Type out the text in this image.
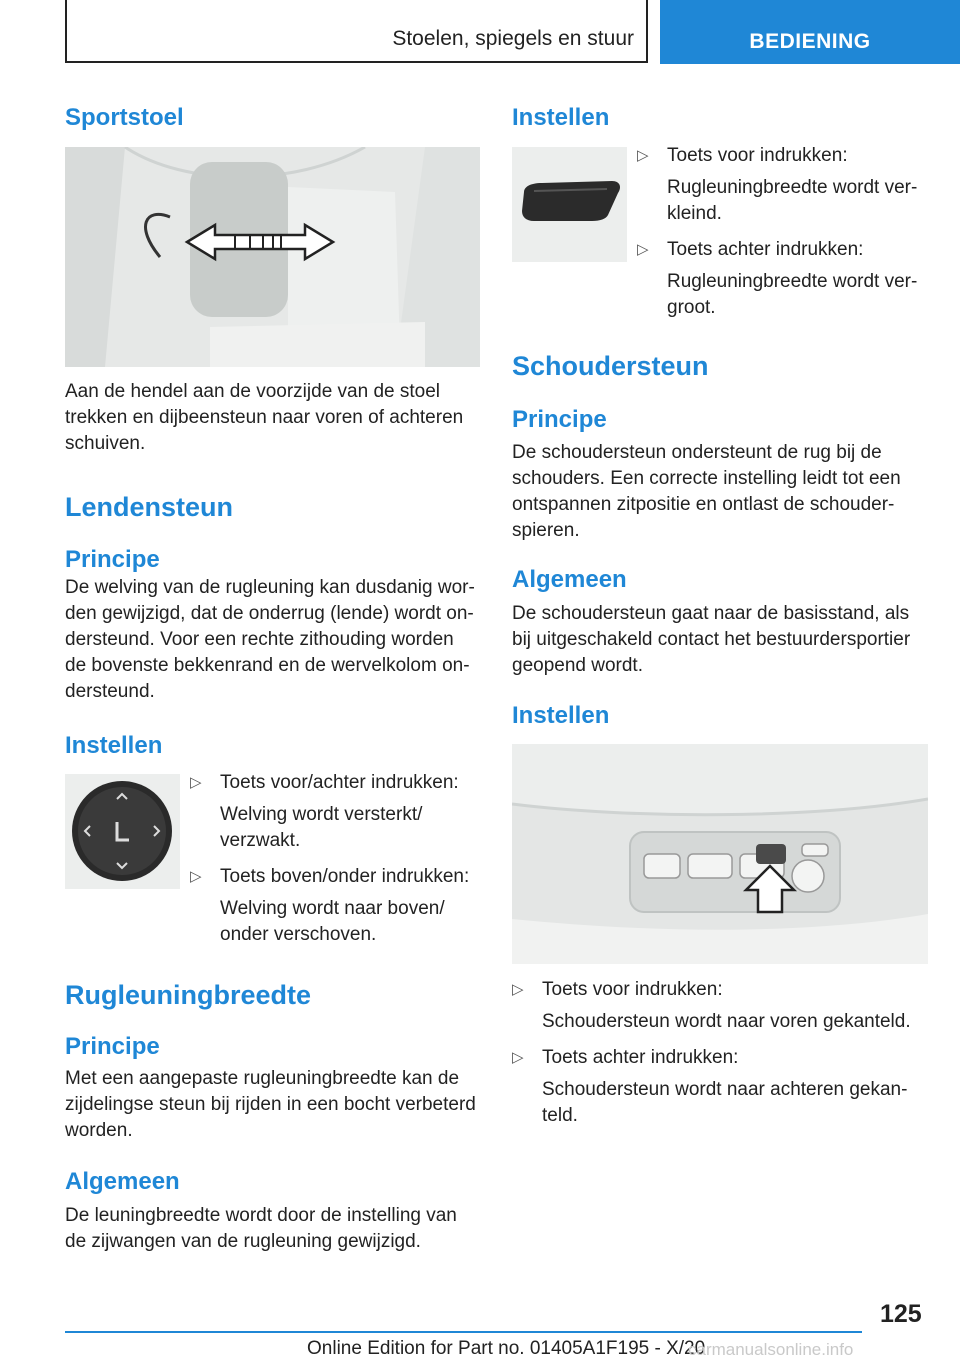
Stoelen, spiegels en stuur	BEDIENING
Sportstoel

Aan de hendel aan de voorzijde van de stoel trekken en dijbeensteun naar voren of achteren schuiven.

Lendensteun
Principe

De welving van de rugleuning kan dusdanig wor-den gewijzigd, dat de onderrug (lende) wordt on-dersteund. Voor een rechte zithouding worden de bovenste bekkenrand en de wervelkolom on-dersteund.

Instellen
▷ Toets voor/achter indrukken:
Welving wordt versterkt/ verzwakt.
▷ Toets boven/onder indrukken:
Welving wordt naar boven/ onder verschoven.
Rugleuningbreedte
Principe

Met een aangepaste rugleuningbreedte kan de zijdelingse steun bij rijden in een bocht verbeterd worden.

Algemeen

De leuningbreedte wordt door de instelling van de zijwangen van de rugleuning gewijzigd.

Instellen
▷ Toets voor indrukken:
Rugleuningbreedte wordt ver-kleind.
▷ Toets achter indrukken:
Rugleuningbreedte wordt ver-groot.
Schoudersteun
Principe

De schoudersteun ondersteunt de rug bij de schouders. Een correcte instelling leidt tot een ontspannen zitpositie en ontlast de schouder-spieren.

Algemeen

De schoudersteun gaat naar de basisstand, als bij uitgeschakeld contact het bestuurdersportier geopend wordt.

Instellen
▷ Toets voor indrukken:
Schoudersteun wordt naar voren gekanteld.
▷ Toets achter indrukken:
Schoudersteun wordt naar achteren gekan-teld.
125
Online Edition for Part no. 01405A1F195 - X/20
carmanualsonline.info
